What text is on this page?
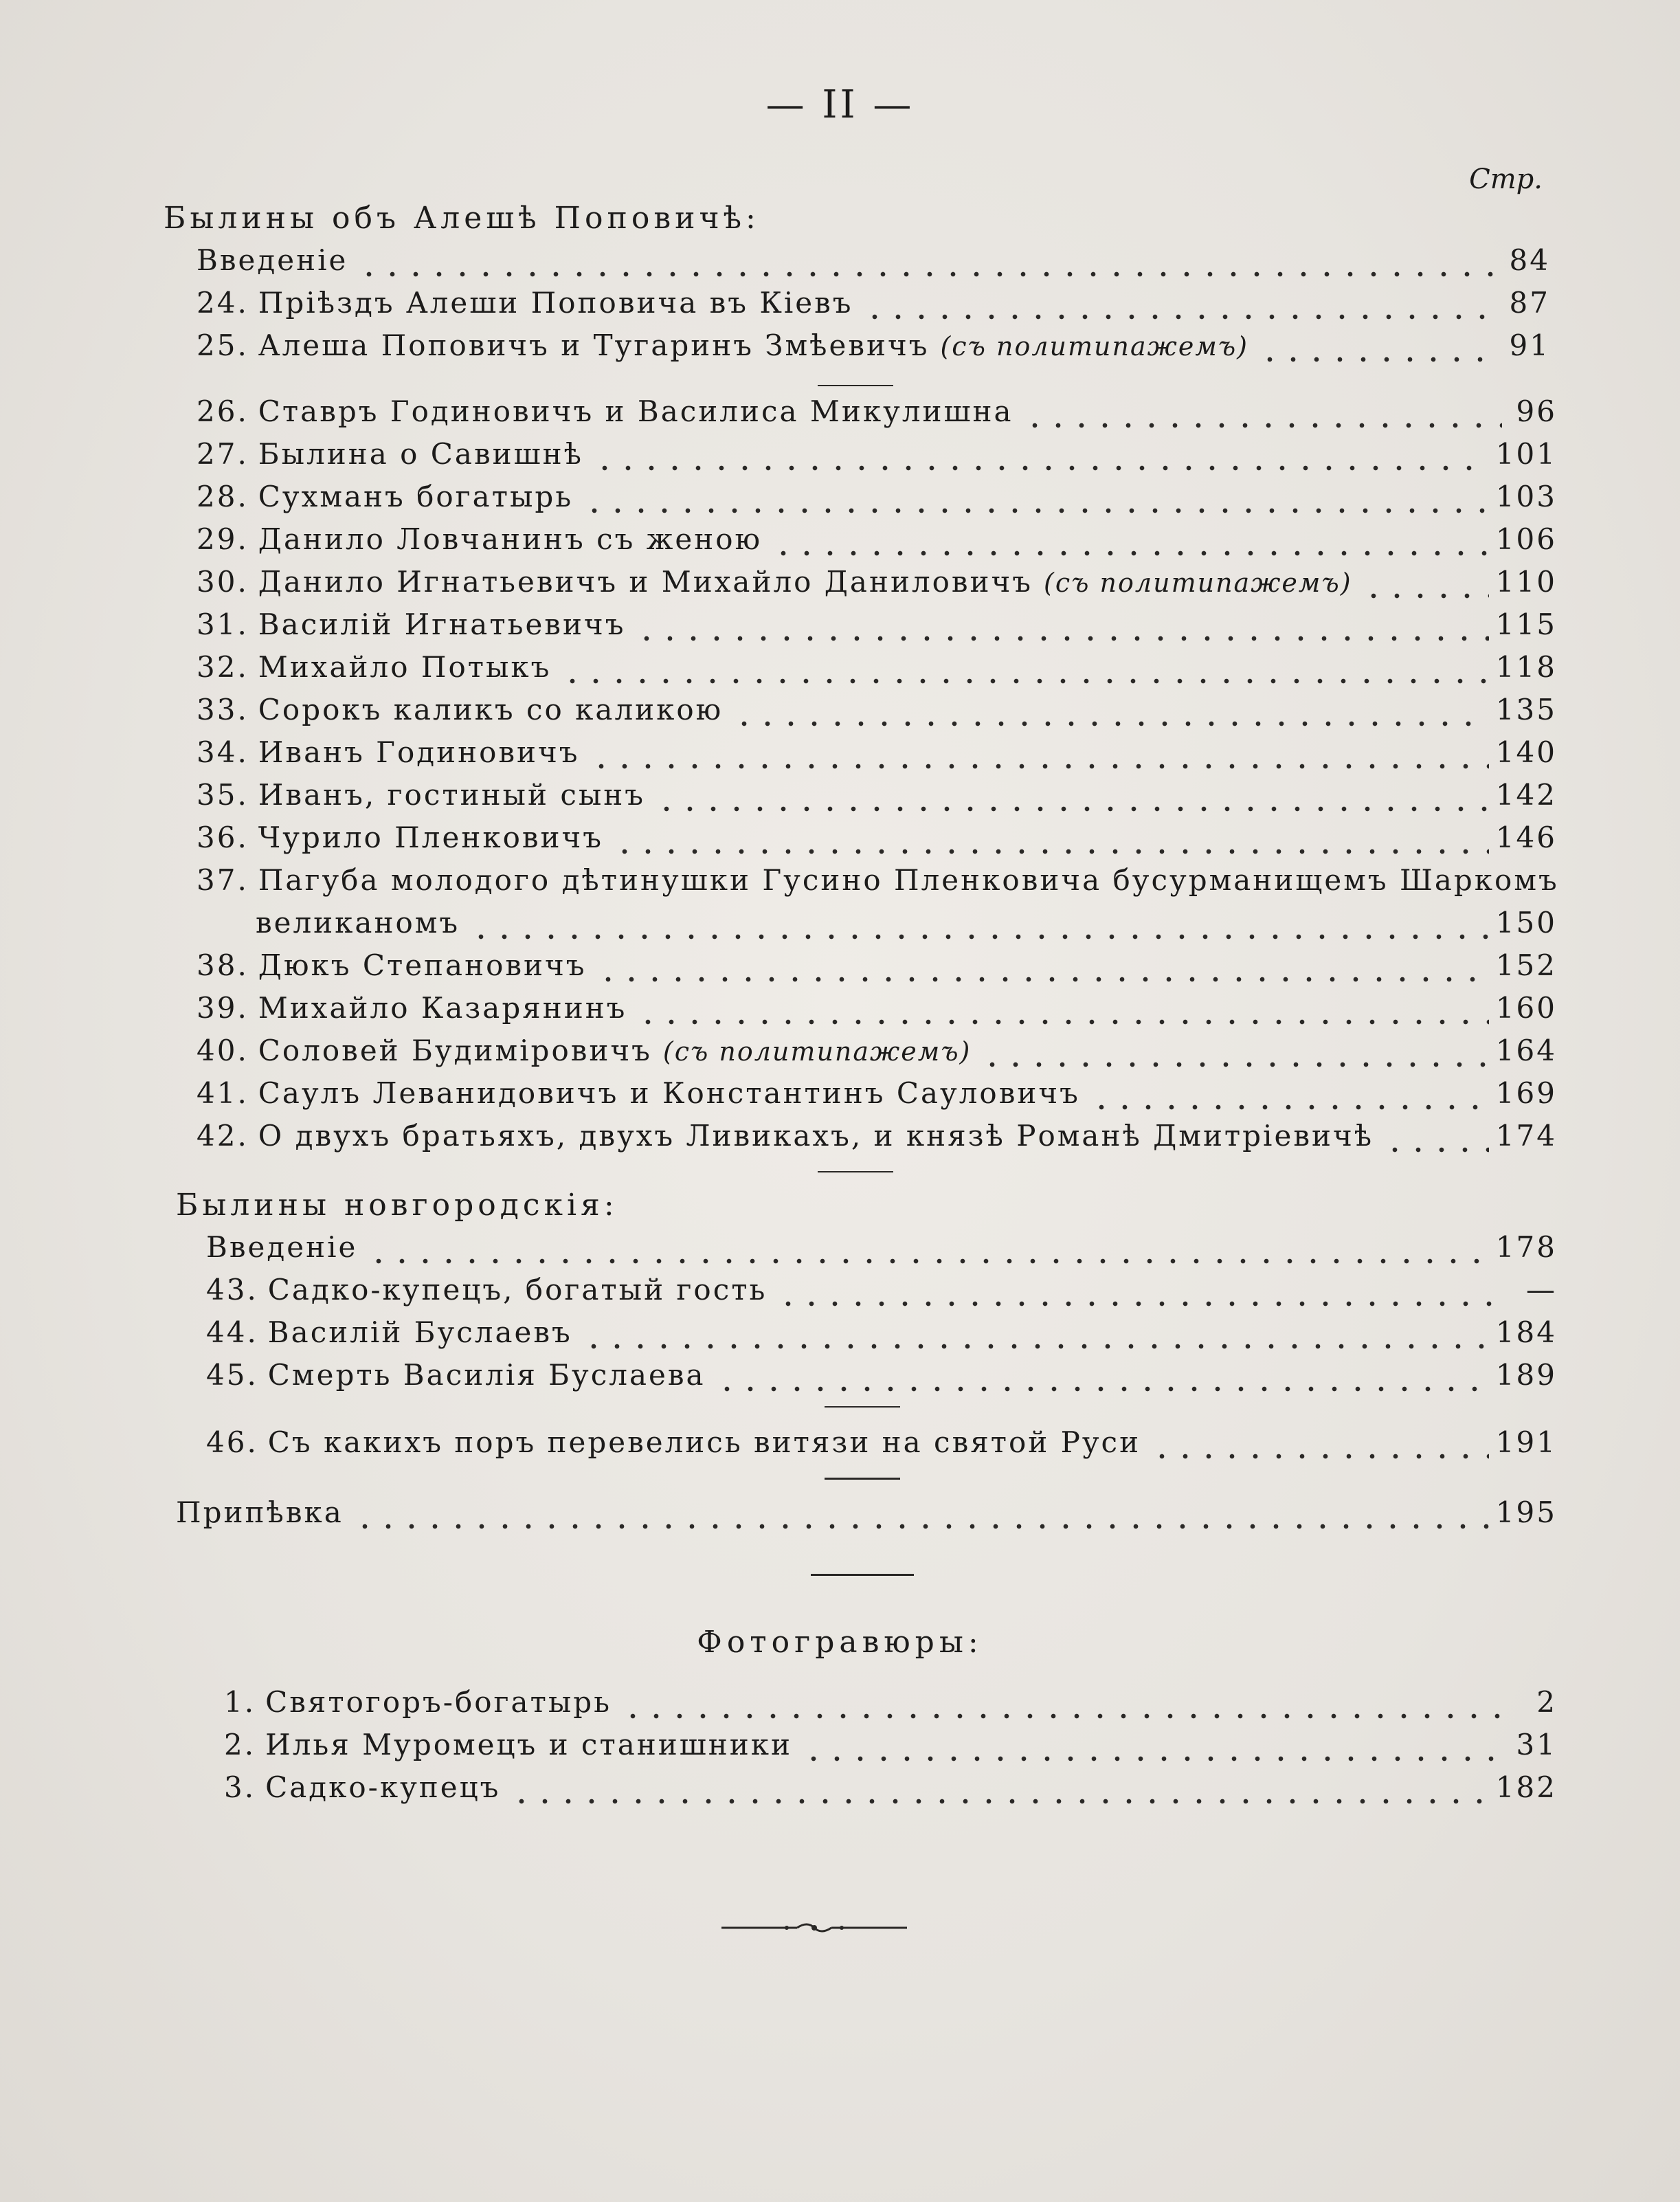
— II —
Стр.
Былины объ Алешѣ Поповичѣ:
Введеніе	84
24. Пріѣздъ Алеши Поповича въ Кіевъ	87
25. Алеша Поповичъ и Тугаринъ Змѣевичъ (съ политипажемъ)	91
26. Ставръ Годиновичъ и Василиса Микулишна	96
27. Былина о Савишнѣ	101
28. Сухманъ богатырь	103
29. Данило Ловчанинъ съ женою	106
30. Данило Игнатьевичъ и Михайло Даниловичъ (съ политипажемъ)	110
31. Василій Игнатьевичъ	115
32. Михайло Потыкъ	118
33. Сорокъ каликъ со каликою	135
34. Иванъ Годиновичъ	140
35. Иванъ, гостиный сынъ	142
36. Чурило Пленковичъ	146
37. Пагуба молодого дѣтинушки Гусино Пленковича бусурманищемъ Шаркомъ
великаномъ	150
38. Дюкъ Степановичъ	152
39. Михайло Казарянинъ	160
40. Соловей Будиміровичъ (съ политипажемъ)	164
41. Саулъ Леванидовичъ и Константинъ Сауловичъ	169
42. О двухъ братьяхъ, двухъ Ливикахъ, и князѣ Романѣ Дмитріевичѣ	174
Былины новгородскія:
Введеніе	178
43. Садко-купецъ, богатый гость	—
44. Василій Буслаевъ	184
45. Смерть Василія Буслаева	189
46. Съ какихъ поръ перевелись витязи на святой Руси	191
Припѣвка	195
Фотогравюры:
1. Святогоръ-богатырь	2
2. Илья Муромецъ и станишники	31
3. Садко-купецъ	182
